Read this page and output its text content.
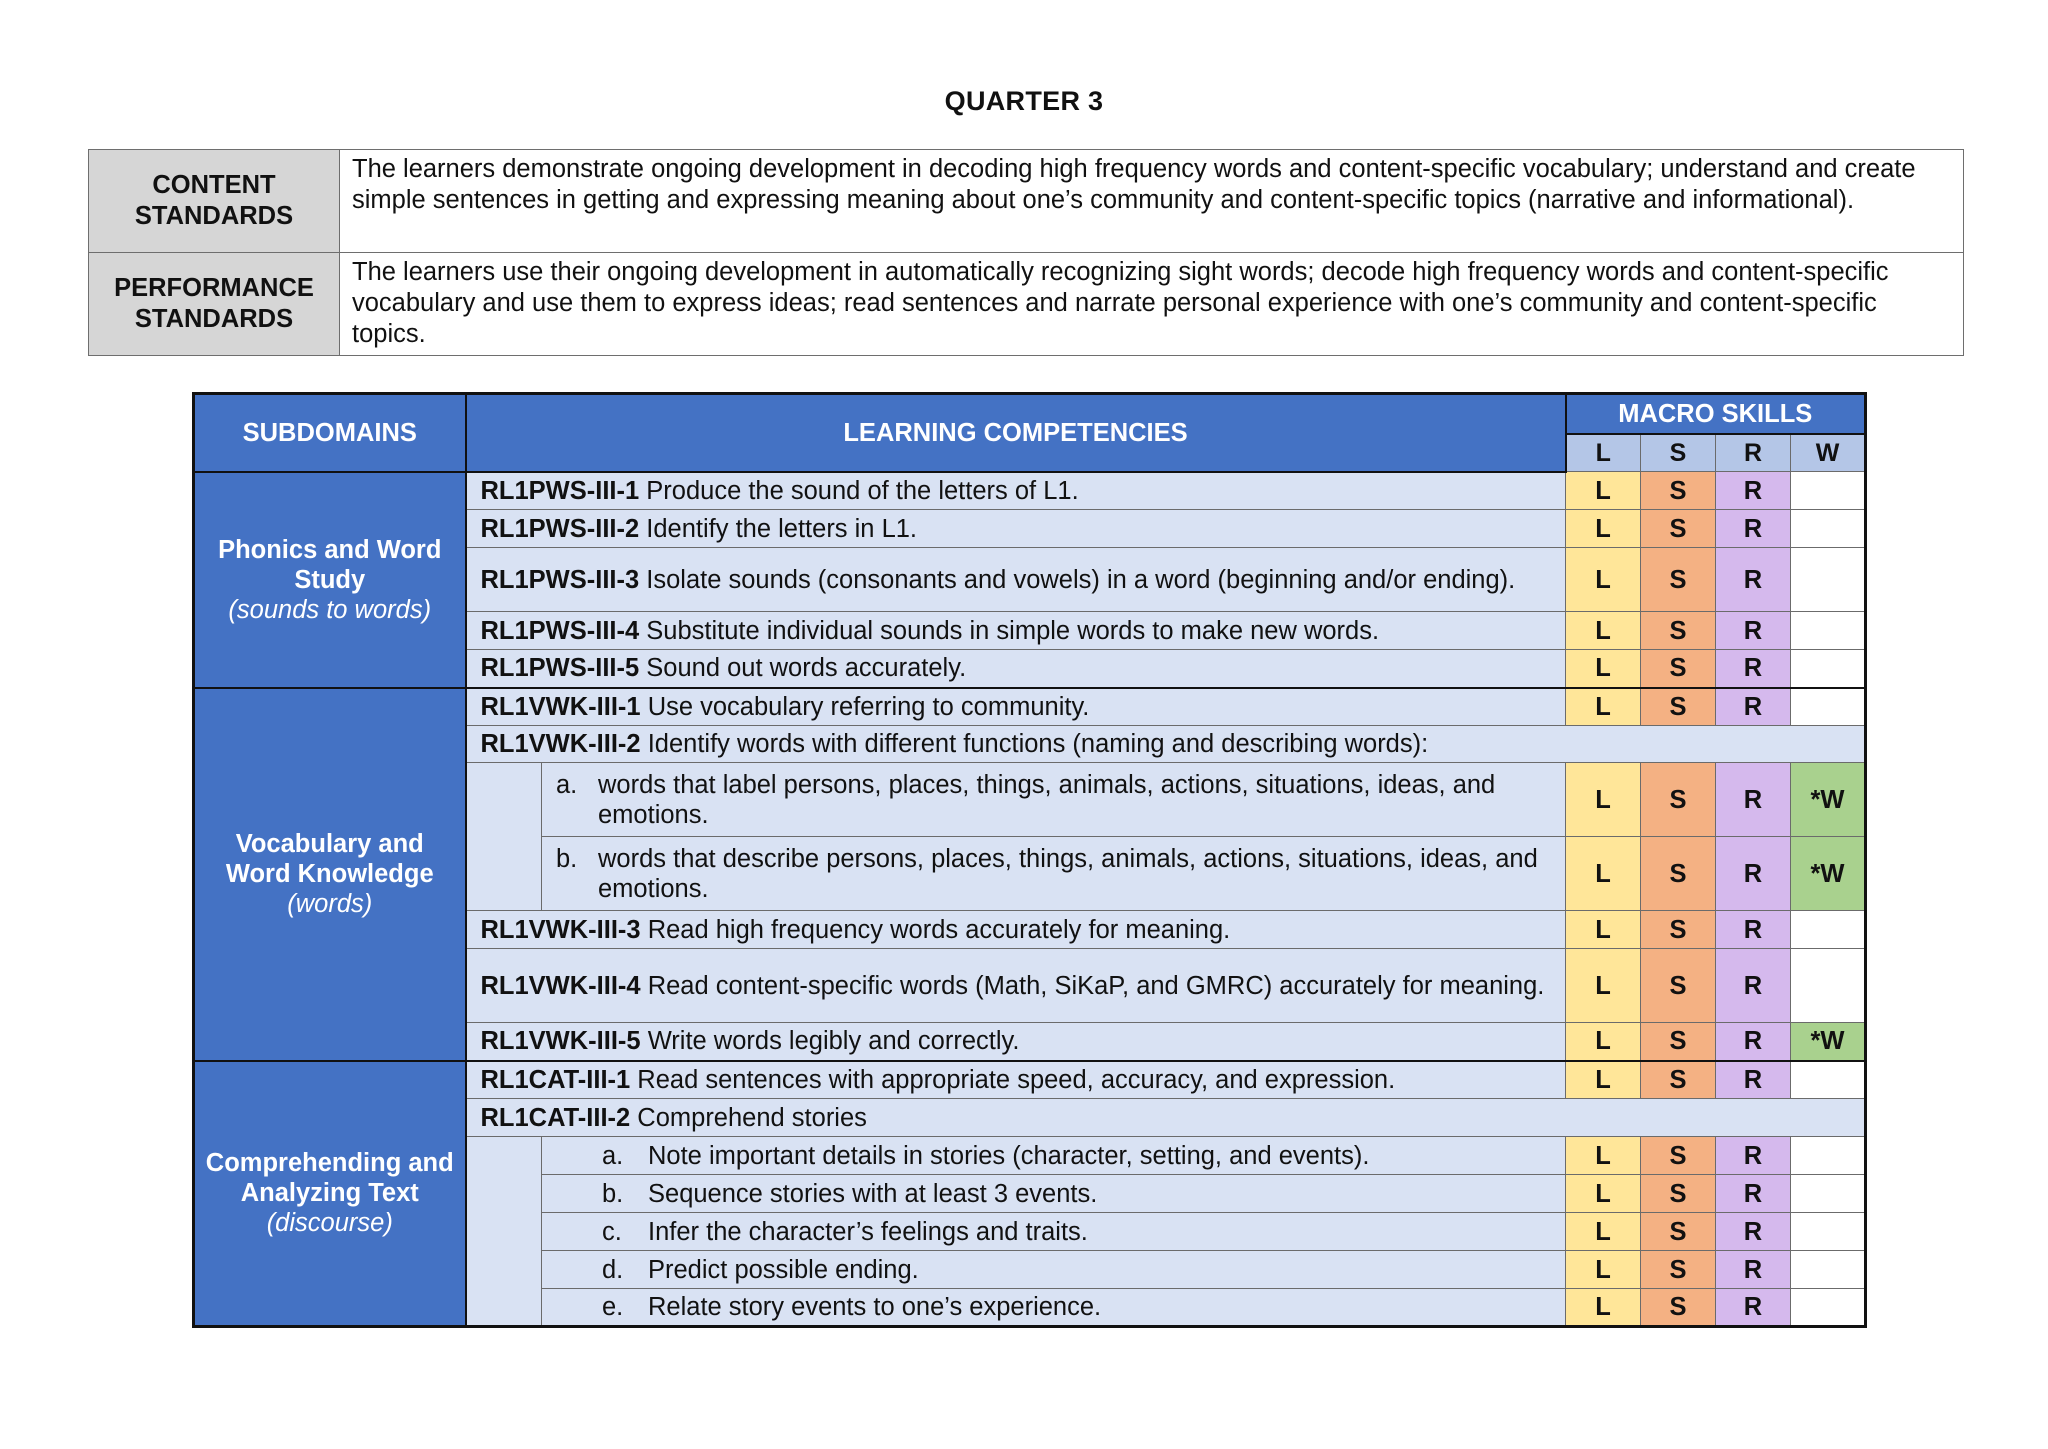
QUARTER 3
CONTENT STANDARDS	The learners demonstrate ongoing development in decoding high frequency words and content-specific vocabulary; understand and create simple sentences in getting and expressing meaning about one’s community and content-specific topics (narrative and informational).
PERFORMANCE STANDARDS	The learners use their ongoing development in automatically recognizing sight words; decode high frequency words and content-specific vocabulary and use them to express ideas; read sentences and narrate personal experience with one’s community and content-specific topics.
SUBDOMAINS	LEARNING COMPETENCIES		MACRO SKILLS			
			L	S	R	W

Phonics and Word Study
(sounds to words)	RL1PWS-III-1 Produce the sound of the letters of L1.		L	S	R	
	RL1PWS-III-2 Identify the letters in L1.		L	S	R	
	RL1PWS-III-3 Isolate sounds (consonants and vowels) in a word (beginning and/or ending).		L	S	R	
	RL1PWS-III-4 Substitute individual sounds in simple words to make new words.		L	S	R	
	RL1PWS-III-5 Sound out words accurately.		L	S	R	

Vocabulary and Word Knowledge
(words)	RL1VWK-III-1 Use vocabulary referring to community.		L	S	R	
	RL1VWK-III-2 Identify words with different functions (naming and describing words):					

		a. words that label persons, places, things, animals, actions, situations, ideas, and emotions.	L	S	R	*W

		b. words that describe persons, places, things, animals, actions, situations, ideas, and emotions.	L	S	R	*W
	RL1VWK-III-3 Read high frequency words accurately for meaning.		L	S	R	
	RL1VWK-III-4 Read content-specific words (Math, SiKaP, and GMRC) accurately for meaning.		L	S	R	
	RL1VWK-III-5 Write words legibly and correctly.		L	S	R	*W

Comprehending and Analyzing Text
(discourse)	RL1CAT-III-1 Read sentences with appropriate speed, accuracy, and expression.		L	S	R	
	RL1CAT-III-2 Comprehend stories					

		a. Note important details in stories (character, setting, and events).	L	S	R	

		b. Sequence stories with at least 3 events.	L	S	R	

		c. Infer the character’s feelings and traits.	L	S	R	

		d. Predict possible ending.	L	S	R	

		e. Relate story events to one’s experience.	L	S	R	
